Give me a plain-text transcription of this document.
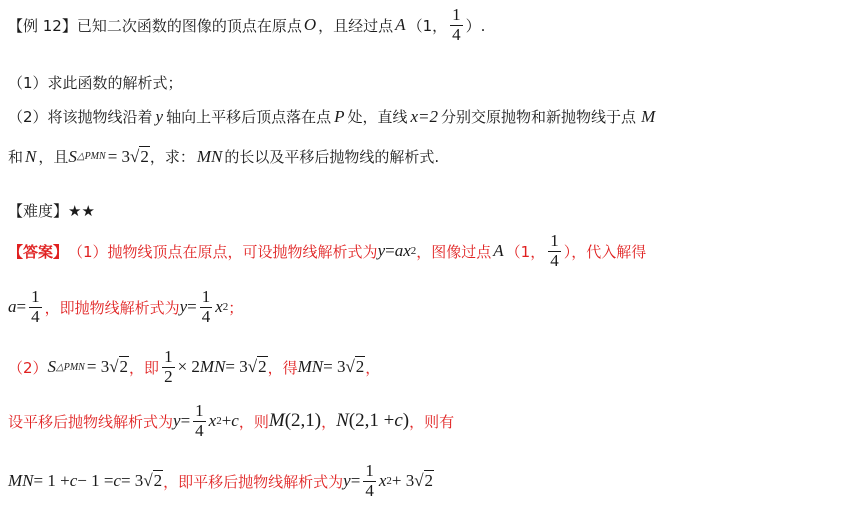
【例 12】 已知二次函数的图像的顶点在原点 O ，且经过点 A （1， $\frac{1}{4}$ ）.
（1）求此函数的解析式；
（2）将该抛物线沿着 y 轴向上平移后顶点落在点 P 处，直线 x=2 分别交原抛物和新抛物线于点 M
和 N ，且 S △PMN = 3 √2 ，求： MN 的长以及平移后抛物线的解析式.
【难度】 ★★
【答案】 （1）抛物线顶点在原点，可设抛物线解析式为 y = ax 2 ，图像过点 A （1， $\frac{1}{4}$ ），代入解得
$a = \frac{1}{4}$ ，即抛物线解析式为 $y = \frac{1}{4}$ x 2 ；
（2） S △PMN = 3 √2 ，即 $\frac{1}{2} \times 2$ MN = 3 √2 ，得 MN = 3 √2 ，
设平移后抛物线解析式为 $y = \frac{1}{4}$ x 2 + c ，则 M (2,1) ， N (2,1 + c ) ，则有
MN = 1 + c − 1 = c = 3 √2 ，即平移后抛物线解析式为 $y = \frac{1}{4}$ x 2 + 3 √2
